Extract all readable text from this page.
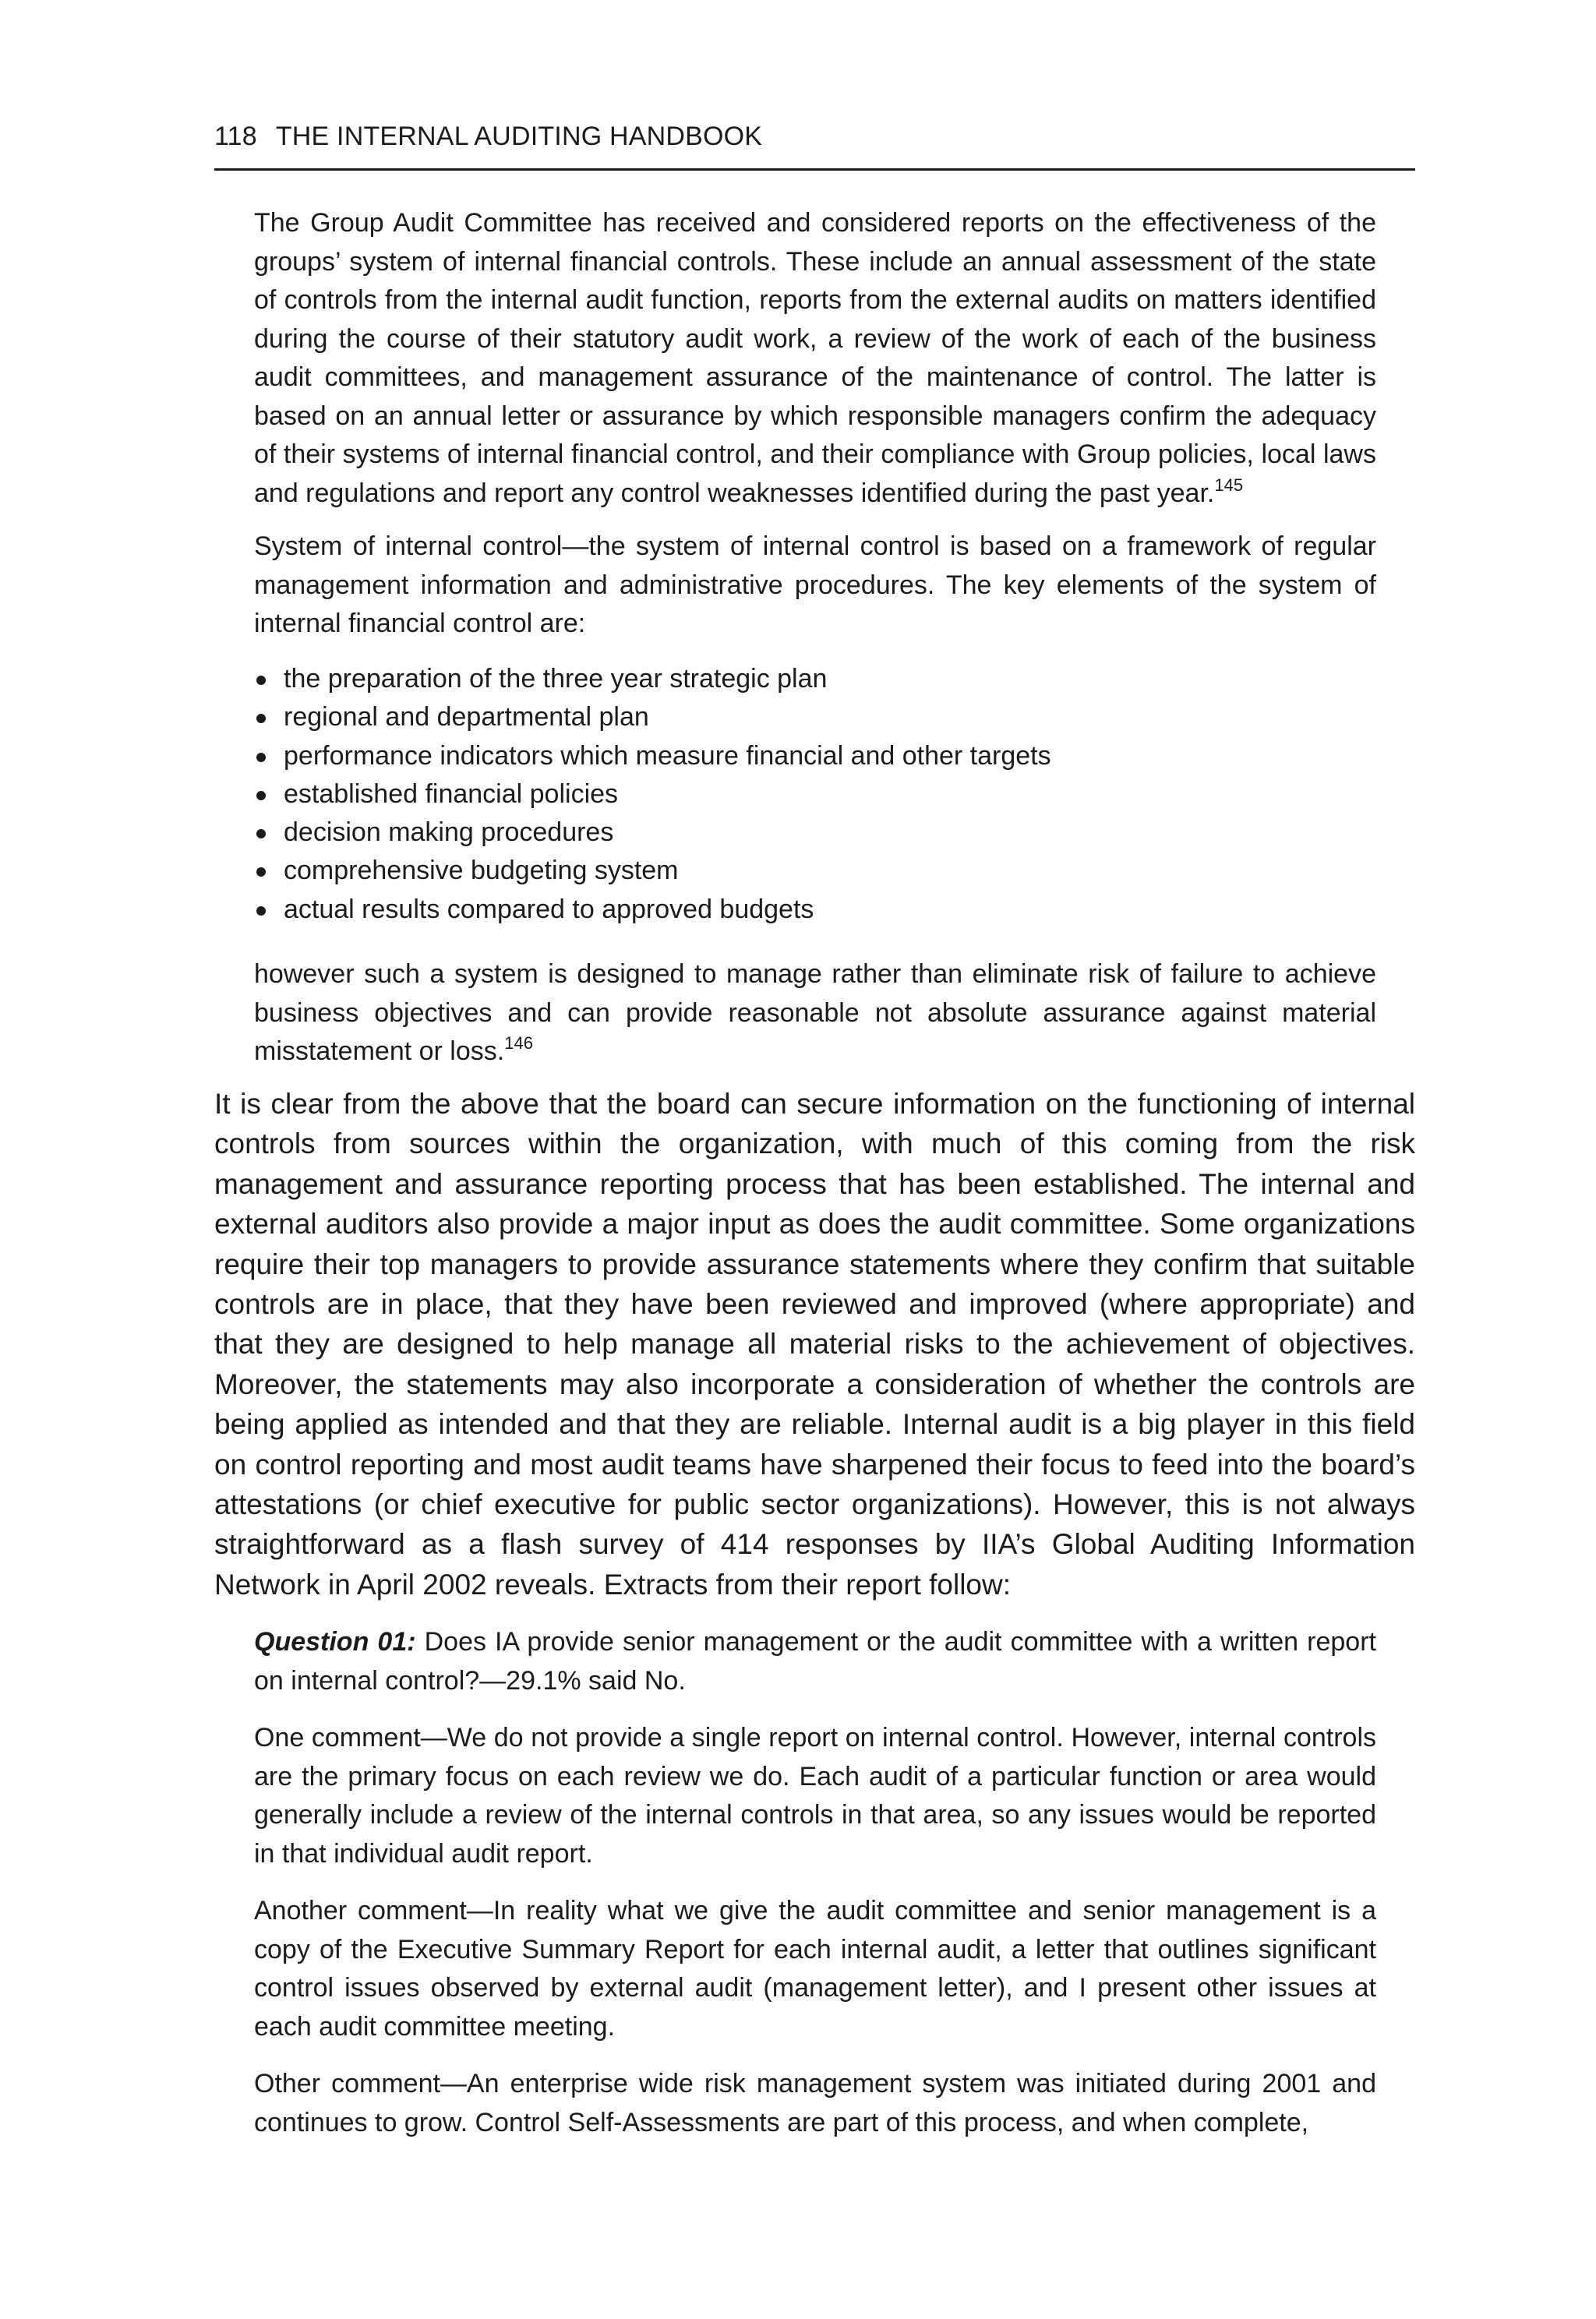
118 THE INTERNAL AUDITING HANDBOOK

The Group Audit Committee has received and considered reports on the effectiveness of the groups’ system of internal financial controls. These include an annual assessment of the state of controls from the internal audit function, reports from the external audits on matters identified during the course of their statutory audit work, a review of the work of each of the business audit committees, and management assurance of the maintenance of control. The latter is based on an annual letter or assurance by which responsible managers confirm the adequacy of their systems of internal financial control, and their compliance with Group policies, local laws and regulations and report any control weaknesses identified during the past year.$^{145}$

System of internal control—the system of internal control is based on a framework of regular management information and administrative procedures. The key elements of the system of internal financial control are:

the preparation of the three year strategic plan
regional and departmental plan
performance indicators which measure financial and other targets
established financial policies
decision making procedures
comprehensive budgeting system
actual results compared to approved budgets

however such a system is designed to manage rather than eliminate risk of failure to achieve business objectives and can provide reasonable not absolute assurance against material misstatement or loss.$^{146}$

It is clear from the above that the board can secure information on the functioning of internal controls from sources within the organization, with much of this coming from the risk management and assurance reporting process that has been established. The internal and external auditors also provide a major input as does the audit committee. Some organizations require their top managers to provide assurance statements where they confirm that suitable controls are in place, that they have been reviewed and improved (where appropriate) and that they are designed to help manage all material risks to the achievement of objectives. Moreover, the statements may also incorporate a consideration of whether the controls are being applied as intended and that they are reliable. Internal audit is a big player in this field on control reporting and most audit teams have sharpened their focus to feed into the board’s attestations (or chief executive for public sector organizations). However, this is not always straightforward as a flash survey of 414 responses by IIA’s Global Auditing Information Network in April 2002 reveals. Extracts from their report follow:

Question 01: Does IA provide senior management or the audit committee with a written report on internal control?—29.1% said No.

One comment—We do not provide a single report on internal control. However, internal controls are the primary focus on each review we do. Each audit of a particular function or area would generally include a review of the internal controls in that area, so any issues would be reported in that individual audit report.

Another comment—In reality what we give the audit committee and senior management is a copy of the Executive Summary Report for each internal audit, a letter that outlines significant control issues observed by external audit (management letter), and I present other issues at each audit committee meeting.

Other comment—An enterprise wide risk management system was initiated during 2001 and continues to grow. Control Self-Assessments are part of this process, and when complete,
